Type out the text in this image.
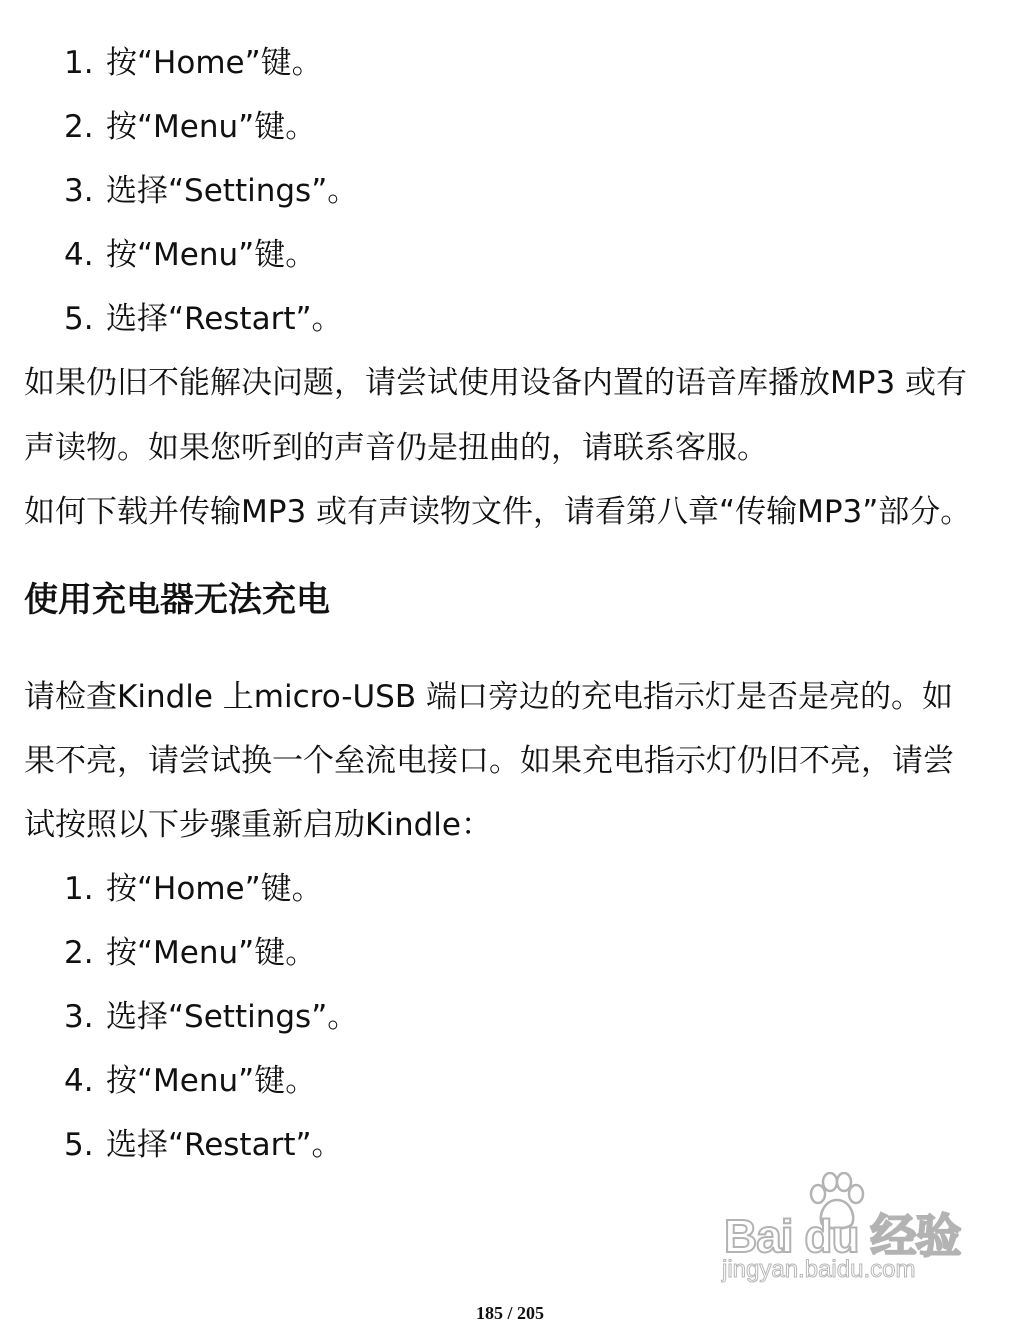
1. 按“Home”键。
2. 按“Menu”键。
3. 选择“Settings”。
4. 按“Menu”键。
5. 选择“Restart”。
如果仍旧不能解决问题，请尝试使用设备内置的语音库播放MP3 或有
声读物。如果您听到的声音仍是扭曲的，请联系客服。
如何下载并传输MP3 或有声读物文件，请看第八章“传输MP3”部分。
使用充电器无法充电
请检查Kindle 上micro-USB 端口旁边的充电指示灯是否是亮的。如
果不亮，请尝试换一个垒流电接口。如果充电指示灯仍旧不亮，请尝
试按照以下步骤重新启劢Kindle：
1. 按“Home”键。
2. 按“Menu”键。
3. 选择“Settings”。
4. 按“Menu”键。
5. 选择“Restart”。
Bai du 经验
jingyan.baidu.com
185 / 205
